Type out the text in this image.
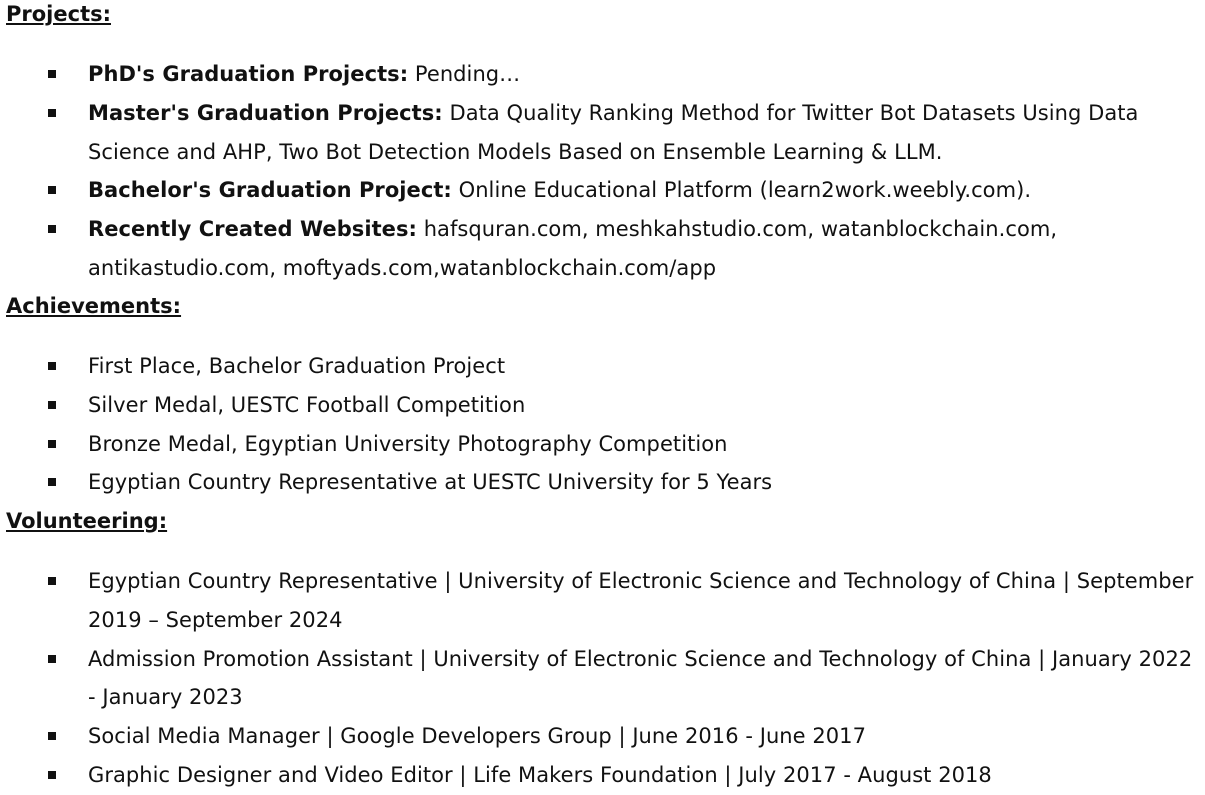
Projects:
PhD's Graduation Projects: Pending…
Master's Graduation Projects: Data Quality Ranking Method for Twitter Bot Datasets Using Data Science and AHP, Two Bot Detection Models Based on Ensemble Learning & LLM.
Bachelor's Graduation Project: Online Educational Platform (learn2work.weebly.com).
Recently Created Websites: hafsquran.com, meshkahstudio.com, watanblockchain.com, antikastudio.com, moftyads.com,watanblockchain.com/app
Achievements:
First Place, Bachelor Graduation Project
Silver Medal, UESTC Football Competition
Bronze Medal, Egyptian University Photography Competition
Egyptian Country Representative at UESTC University for 5 Years
Volunteering:
Egyptian Country Representative | University of Electronic Science and Technology of China | September 2019 – September 2024
Admission Promotion Assistant | University of Electronic Science and Technology of China | January 2022 - January 2023
Social Media Manager | Google Developers Group | June 2016 - June 2017
Graphic Designer and Video Editor | Life Makers Foundation | July 2017 - August 2018
